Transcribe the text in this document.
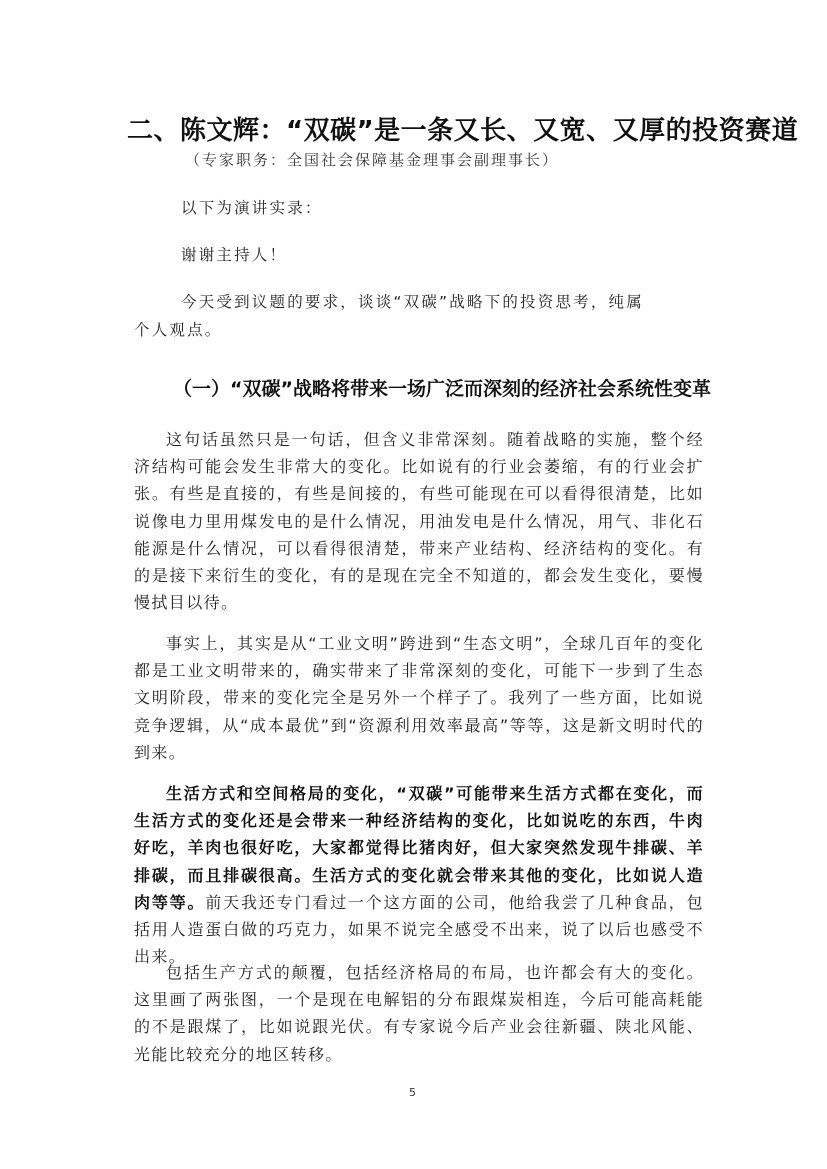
二、陈文辉：“双碳”是一条又长、又宽、又厚的投资赛道

（专家职务：全国社会保障基金理事会副理事长）

以下为演讲实录：

谢谢主持人！

今天受到议题的要求，谈谈“双碳”战略下的投资思考，纯属

个人观点。

（一）“双碳”战略将带来一场广泛而深刻的经济社会系统性变革

这句话虽然只是一句话，但含义非常深刻。随着战略的实施，整个经济结构可能会发生非常大的变化。比如说有的行业会萎缩，有的行业会扩张。有些是直接的，有些是间接的，有些可能现在可以看得很清楚，比如说像电力里用煤发电的是什么情况，用油发电是什么情况，用气、非化石能源是什么情况，可以看得很清楚，带来产业结构、经济结构的变化。有的是接下来衍生的变化，有的是现在完全不知道的，都会发生变化，要慢慢拭目以待。

事实上，其实是从“工业文明”跨进到“生态文明”，全球几百年的变化都是工业文明带来的，确实带来了非常深刻的变化，可能下一步到了生态文明阶段，带来的变化完全是另外一个样子了。我列了一些方面，比如说竞争逻辑，从“成本最优”到“资源利用效率最高”等等，这是新文明时代的到来。

生活方式和空间格局的变化，“双碳”可能带来生活方式都在变化，而生活方式的变化还是会带来一种经济结构的变化，比如说吃的东西，牛肉好吃，羊肉也很好吃，大家都觉得比猪肉好，但大家突然发现牛排碳、羊排碳，而且排碳很高。生活方式的变化就会带来其他的变化，比如说人造肉等等。前天我还专门看过一个这方面的公司，他给我尝了几种食品，包括用人造蛋白做的巧克力，如果不说完全感受不出来，说了以后也感受不出来。

包括生产方式的颠覆，包括经济格局的布局，也许都会有大的变化。这里画了两张图，一个是现在电解铝的分布跟煤炭相连，今后可能高耗能的不是跟煤了，比如说跟光伏。有专家说今后产业会往新疆、陕北风能、光能比较充分的地区转移。

5
